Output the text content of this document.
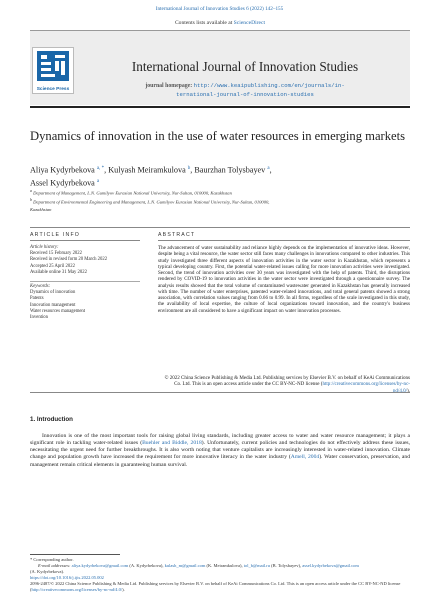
International Journal of Innovation Studies 6 (2022) 142–155
Contents lists available at ScienceDirect
Science Press
International Journal of Innovation Studies
journal homepage: http://www.keaipublishing.com/en/journals/in-
ternational-journal-of-innovation-studies
Dynamics of innovation in the use of water resources in emerging markets
Aliya Kydyrbekova $^{a, *}$, Kulyash Meiramkulova $^b$, Baurzhan Tolysbayev $^a$,
Assel Kydyrbekova $^a$
$^a$ Department of Management, L.N. Gumilyov Eurasian National University, Nur-Sultan, 010000, Kazakhstan
$^b$ Department of Environmental Engineering and Management, L.N. Gumilyov Eurasian National University, Nur-Sultan, 010000,
Kazakhstan
ARTICLE INFO	ABSTRACT
Article history:
Received 15 February 2022
Received in revised form 20 March 2022
Accepted 25 April 2022
Available online 31 May 2022
Keywords:
Dynamics of innovation
Patents
Innovation management
Water resources management
Invention
The advancement of water sustainability and reliance highly depends on the implementation of innovative ideas. However, despite being a vital resource, the water sector still faces many challenges in innovations compared to other industries. This study investigated three different aspects of innovation activities in the water sector in Kazakhstan, which represents a typical developing country. First, the potential water-related issues calling for more innovation activities were investigated. Second, the trend of innovation activities over 30 years was investigated with the help of patents. Third, the disruptions rendered by COVID-19 to innovation activities in the water sector were investigated through a questionnaire survey. The analysis results showed that the total volume of contaminated wastewater generated in Kazakhstan has generally increased with time. The number of water enterprises, patented water-related innovations, and total general patents showed a strong association, with correlation values ranging from 0.66 to 0.99. In all firms, regardless of the scale investigated in this study, the availability of local expertise, the culture of local organizations toward innovation, and the country's business environment are all considered to have a significant impact on water innovation processes.
© 2022 China Science Publishing & Media Ltd. Publishing services by Elsevier B.V. on behalf of KeAi Communications Co. Ltd. This is an open access article under the CC BY-NC-ND license (http://creativecommons.org/licenses/by-nc-nd/4.0/).
1. Introduction
Innovation is one of the most important tools for raising global living standards, including greater access to water and water resource management; it plays a significant role in tackling water-related issues (Buehler and Biddle, 2018). Unfortunately, current policies and technologies do not effectively address these issues, necessitating the urgent need for further breakthroughs. It is also worth noting that venture capitalists are increasingly interested in water-related innovation. Climate change and population growth have increased the requirement for more innovative literacy in the water industry (Amell, 2004). Water conservation, preservation, and management remain critical elements in guaranteeing human survival.
* Corresponding author.
E-mail addresses: aliya.kydyrbekova@gmail.com (A. Kydyrbekova), kulash_m@gmail.com (K. Meiramkulova), tol_b@mail.ru (B. Tolysbayev), assel.kydyrbekova@gmail.com
(A. Kydyrbekova).
https://doi.org/10.1016/j.ijis.2022.05.002
2096-2487/© 2022 China Science Publishing & Media Ltd. Publishing services by Elsevier B.V. on behalf of KeAi Communications Co. Ltd. This is an open access article under the CC BY-NC-ND license (http://creativecommons.org/licenses/by-nc-nd/4.0/).
